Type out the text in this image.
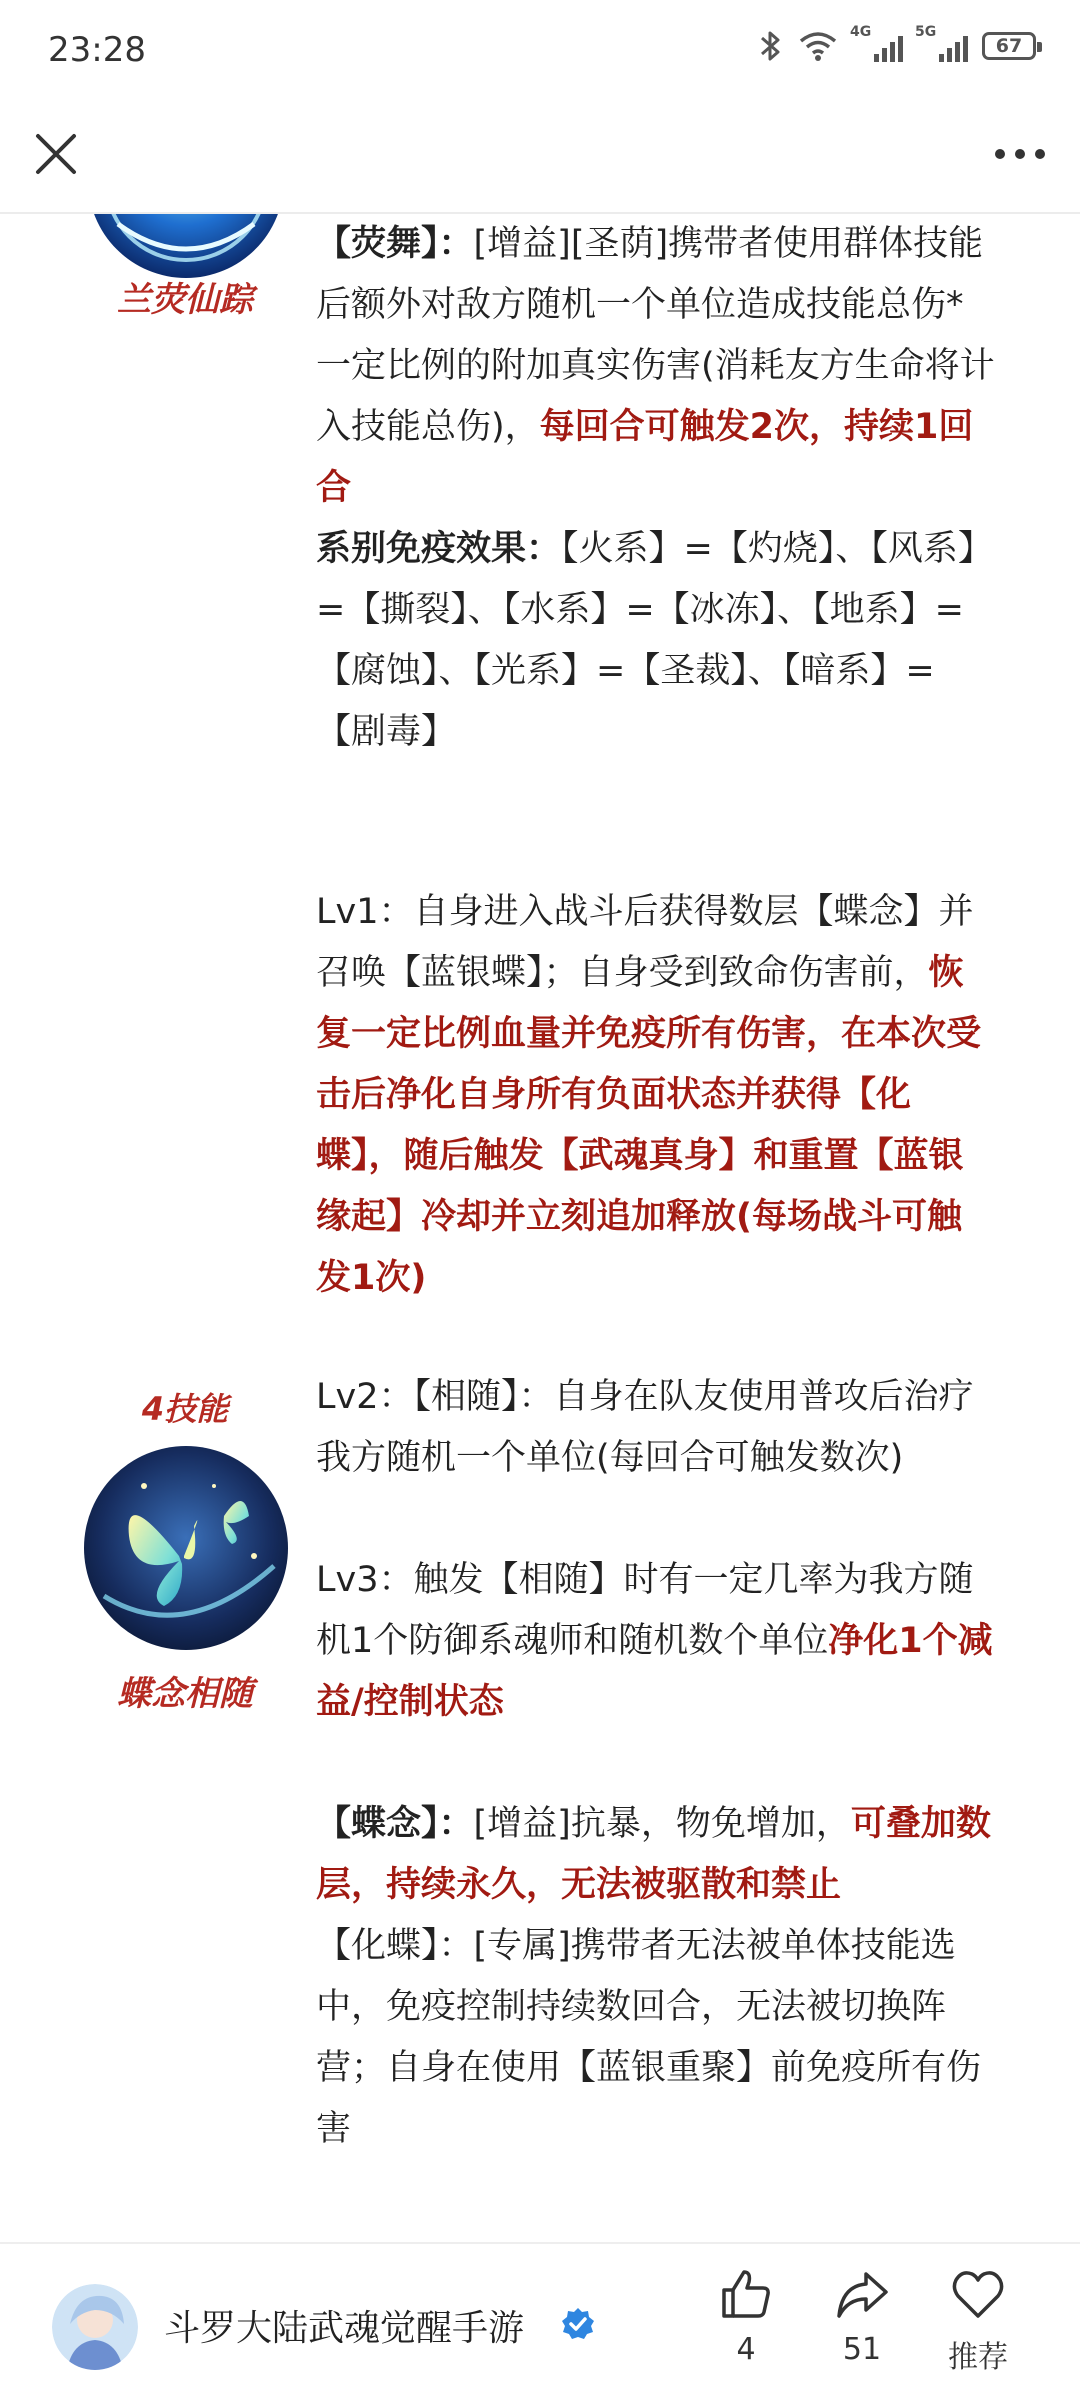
23:28	4G	5G
67
兰荧仙踪

【荧舞】：[增益][圣荫]携带者使用群体技能后额外对敌方随机一个单位造成技能总伤*一定比例的附加真实伤害(消耗友方生命将计入技能总伤)，每回合可触发2次，持续1回合

系别免疫效果：【火系】=【灼烧】、【风系】=【撕裂】、【水系】=【冰冻】、【地系】=【腐蚀】、【光系】=【圣裁】、【暗系】=【剧毒】

Lv1：自身进入战斗后获得数层【蝶念】并召唤【蓝银蝶】；自身受到致命伤害前，恢复一定比例血量并免疫所有伤害，在本次受击后净化自身所有负面状态并获得【化蝶】，随后触发【武魂真身】和重置【蓝银缘起】冷却并立刻追加释放(每场战斗可触发1次)

Lv2：【相随】：自身在队友使用普攻后治疗我方随机一个单位(每回合可触发数次)

Lv3：触发【相随】时有一定几率为我方随机1个防御系魂师和随机数个单位净化1个减益/控制状态

【蝶念】：[增益]抗暴，物免增加，可叠加数层，持续永久，无法被驱散和禁止

【化蝶】：[专属]携带者无法被单体技能选中，免疫控制持续数回合，无法被切换阵营；自身在使用【蓝银重聚】前免疫所有伤害

4技能
蝶念相随
斗罗大陆武魂觉醒手游
4	51	推荐
